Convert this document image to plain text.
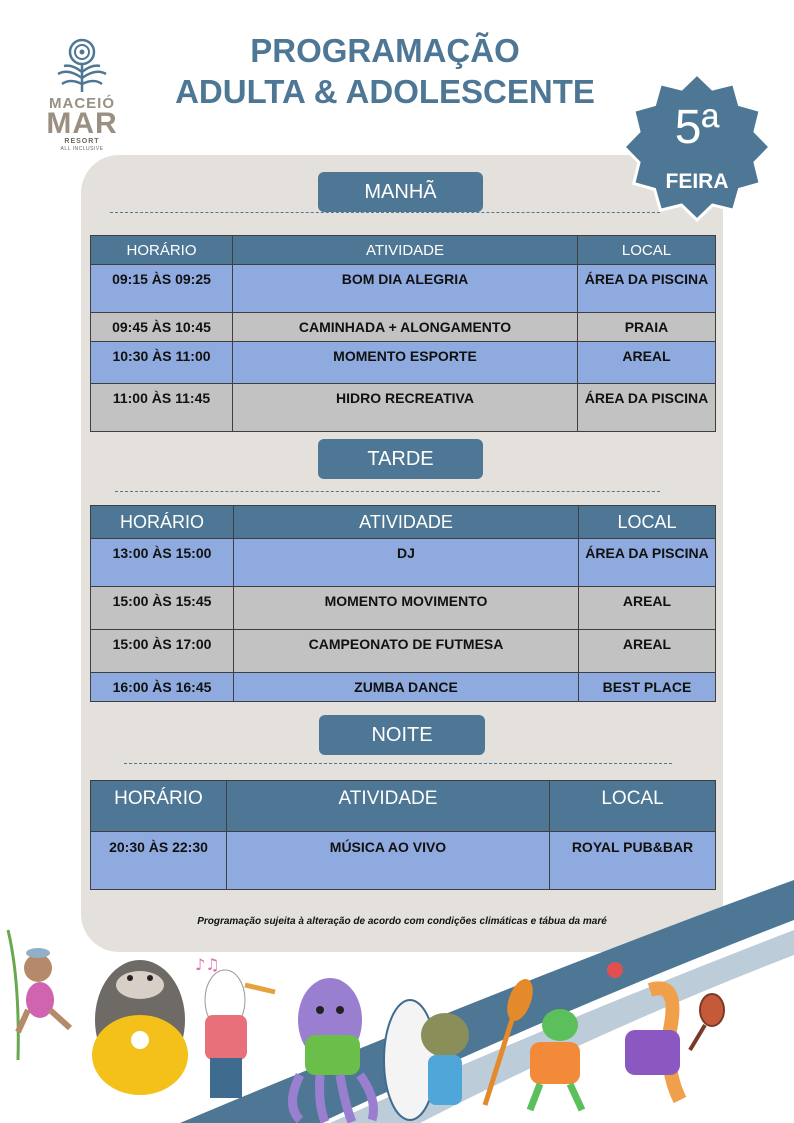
MACEIÓ
MAR
RESORT
ALL INCLUSIVE
PROGRAMAÇÃO
ADULTA & ADOLESCENTE
5ª
FEIRA
MANHÃ
HORÁRIO	ATIVIDADE	LOCAL
09:15 ÀS 09:25	BOM DIA ALEGRIA	ÁREA DA PISCINA
09:45 ÀS 10:45	CAMINHADA + ALONGAMENTO	PRAIA
10:30 ÀS 11:00	MOMENTO ESPORTE	AREAL
11:00 ÀS 11:45	HIDRO RECREATIVA	ÁREA DA PISCINA
TARDE
HORÁRIO	ATIVIDADE	LOCAL
13:00 ÀS 15:00	DJ	ÁREA DA PISCINA
15:00 ÀS 15:45	MOMENTO MOVIMENTO	AREAL
15:00 ÀS 17:00	CAMPEONATO DE FUTMESA	AREAL
16:00 ÀS 16:45	ZUMBA DANCE	BEST PLACE
NOITE
HORÁRIO	ATIVIDADE	LOCAL
20:30 ÀS 22:30	MÚSICA AO VIVO	ROYAL PUB&BAR
Programação sujeita à alteração de acordo com condições climáticas e tábua da maré
♪♫
